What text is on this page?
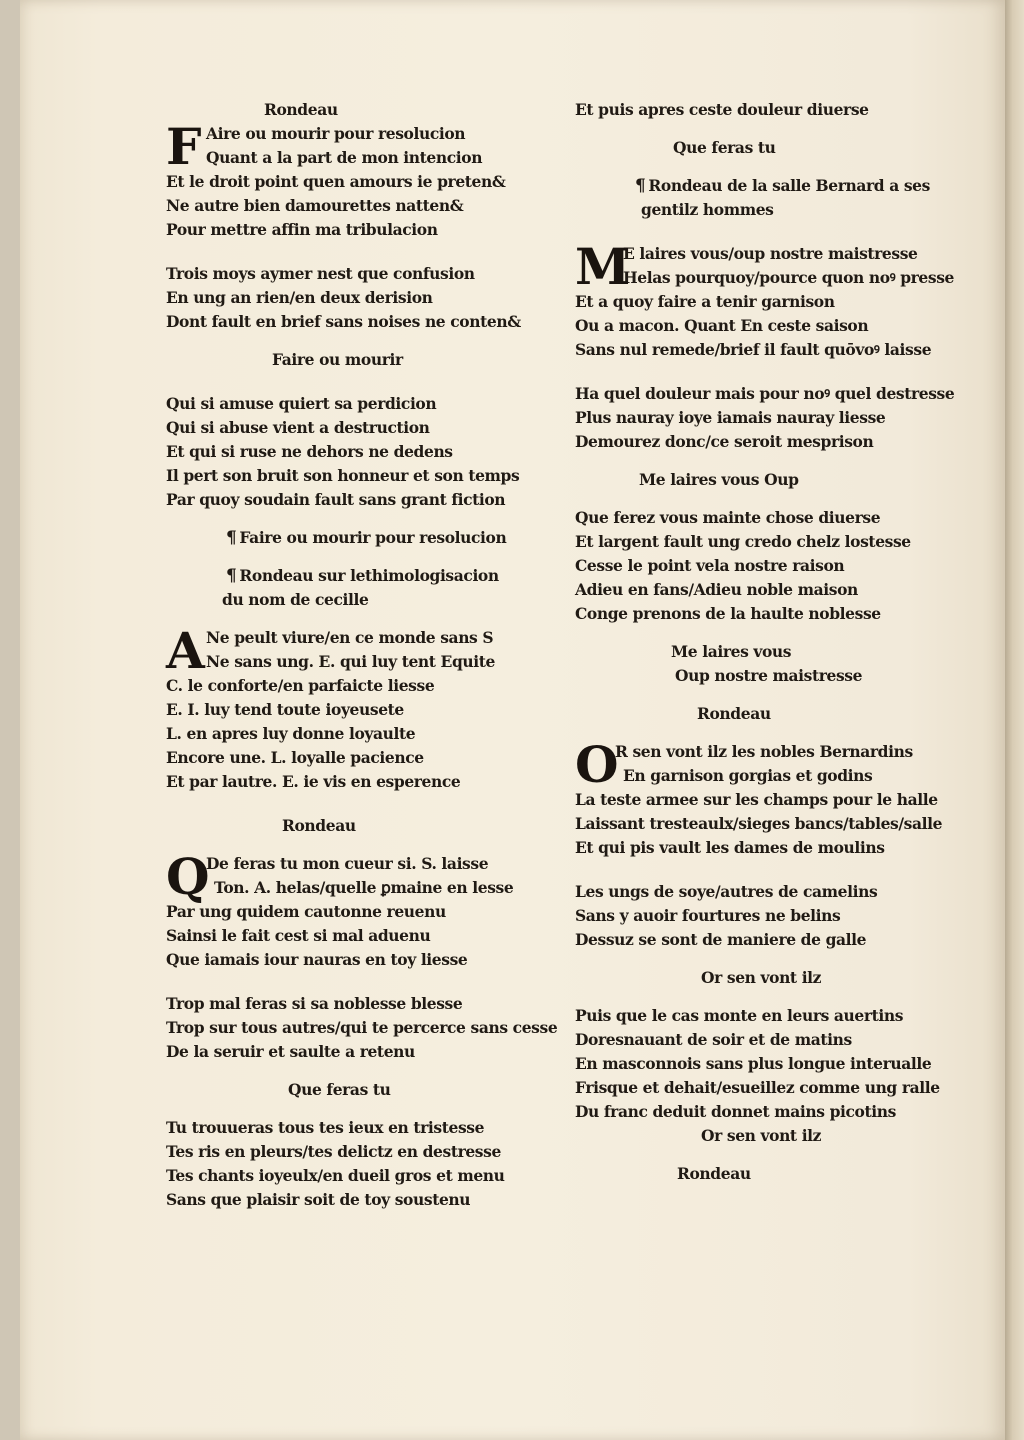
Rondeau
F Aire ou mourir pour resolucion
Quant a la part de mon intencion
Et le droit point quen amours ie preten&
Ne autre bien damourettes natten&
Pour mettre affin ma tribulacion
Trois moys aymer nest que confusion
En ung an rien/en deux derision
Dont fault en brief sans noises ne conten&
Faire ou mourir
Qui si amuse quiert sa perdicion
Qui si abuse vient a destruction
Et qui si ruse ne dehors ne dedens
Il pert son bruit son honneur et son temps
Par quoy soudain fault sans grant fiction
¶ Faire ou mourir pour resolucion
¶ Rondeau sur lethimologisacion
du nom de cecille
A Ne peult viure/en ce monde sans S
Ne sans ung. E. qui luy tent Equite
C. le conforte/en parfaicte liesse
E. I. luy tend toute ioyeusete
L. en apres luy donne loyaulte
Encore une. L. loyalle pacience
Et par lautre. E. ie vis en esperence
Rondeau
Q
De feras tu mon cueur si. S. laisse
Ton. A. helas/quelle ꝑmaine en lesse
Par ung quidem cautonne reuenu
Sainsi le fait cest si mal aduenu
Que iamais iour nauras en toy liesse
Trop mal feras si sa noblesse blesse
Trop sur tous autres/qui te percerce sans cesse
De la seruir et saulte a retenu
Que feras tu
Tu trouueras tous tes ieux en tristesse
Tes ris en pleurs/tes delictz en destresse
Tes chants ioyeulx/en dueil gros et menu
Sans que plaisir soit de toy soustenu
Et puis apres ceste douleur diuerse
Que feras tu
¶ Rondeau de la salle Bernard a ses
gentilz hommes
M
E laires vous/oup nostre maistresse
Helas pourquoy/pource quon noꝰ presse
Et a quoy faire a tenir garnison
Ou a macon. Quant En ceste saison
Sans nul remede/brief il fault quōvoꝰ laisse
Ha quel douleur mais pour noꝰ quel destresse
Plus nauray ioye iamais nauray liesse
Demourez donc/ce seroit mesprison
Me laires vous Oup
Que ferez vous mainte chose diuerse
Et largent fault ung credo chelz lostesse
Cesse le point vela nostre raison
Adieu en fans/Adieu noble maison
Conge prenons de la haulte noblesse
Me laires vous
Oup nostre maistresse
Rondeau
O
R sen vont ilz les nobles Bernardins
En garnison gorgias et godins
La teste armee sur les champs pour le halle
Laissant tresteaulx/sieges bancs/tables/salle
Et qui pis vault les dames de moulins
Les ungs de soye/autres de camelins
Sans y auoir fourtures ne belins
Dessuz se sont de maniere de galle
Or sen vont ilz
Puis que le cas monte en leurs auertins
Doresnauant de soir et de matins
En masconnois sans plus longue interualle
Frisque et dehait/esueillez comme ung ralle
Du franc deduit donnet mains picotins
Or sen vont ilz
Rondeau
